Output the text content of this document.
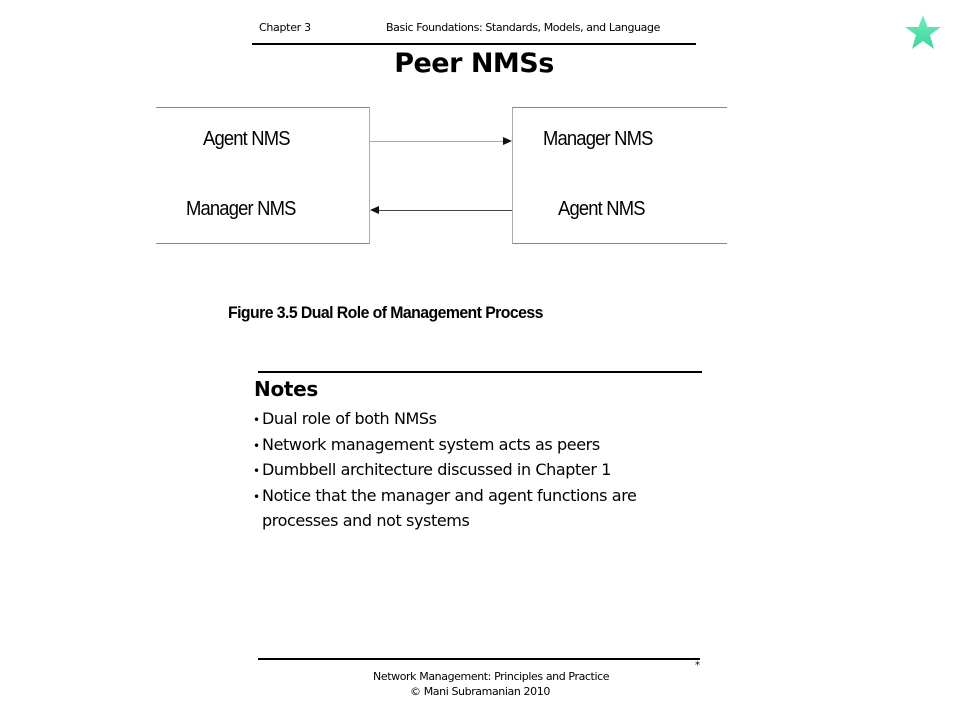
Chapter 3	Basic Foundations: Standards, Models, and Language
Peer NMSs
Agent NMS
Manager NMS
Manager NMS
Agent NMS
Figure 3.5 Dual Role of Management Process
Notes
• Dual role of both NMSs
• Network management system acts as peers
• Dumbbell architecture discussed in Chapter 1
• Notice that the manager and agent functions are processes and not systems
*
Network Management: Principles and Practice
© Mani Subramanian 2010
